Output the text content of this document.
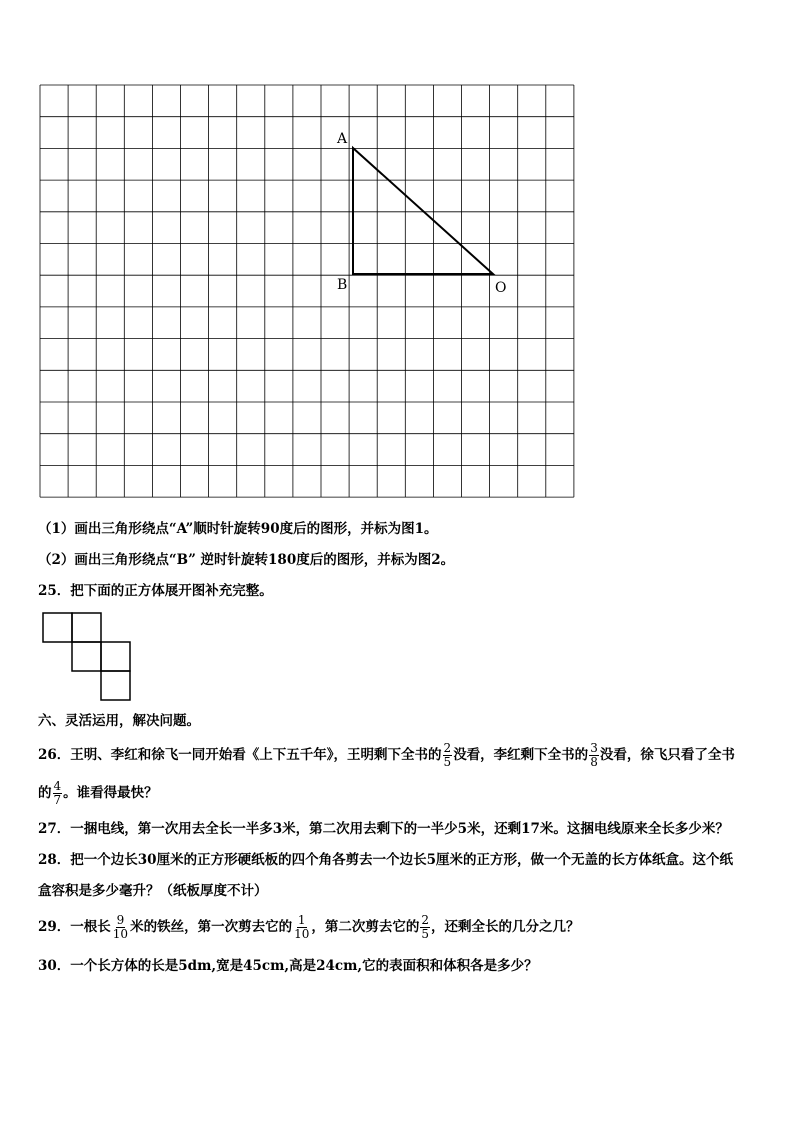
A
B	O
（1）画出三角形绕点“A”顺时针旋转90度后的图形，并标为图1。
（2）画出三角形绕点“B” 逆时针旋转180度后的图形，并标为图2。
25．把下面的正方体展开图补充完整。
六、灵活运用，解决问题。
26．王明、李红和徐飞一同开始看《上下五千年》，王明剩下全书的 $\frac{2}{5}$ 没看，李红剩下全书的 $\frac{3}{8}$ 没看，徐飞只看了全书
的 $\frac{4}{7}$ 。谁看得最快？
27．一捆电线，第一次用去全长一半多3米，第二次用去剩下的一半少5米，还剩17米。这捆电线原来全长多少米？
28．把一个边长30厘米的正方形硬纸板的四个角各剪去一个边长5厘米的正方形，做一个无盖的长方体纸盒。这个纸
盒容积是多少毫升？（纸板厚度不计）
29．一根长 $\frac{9}{10}$ 米的铁丝，第一次剪去它的 $\frac{1}{10}$ ，第二次剪去它的 $\frac{2}{5}$ ，还剩全长的几分之几？
30．一个长方体的长是5dm,宽是45cm,高是24cm,它的表面积和体积各是多少？
